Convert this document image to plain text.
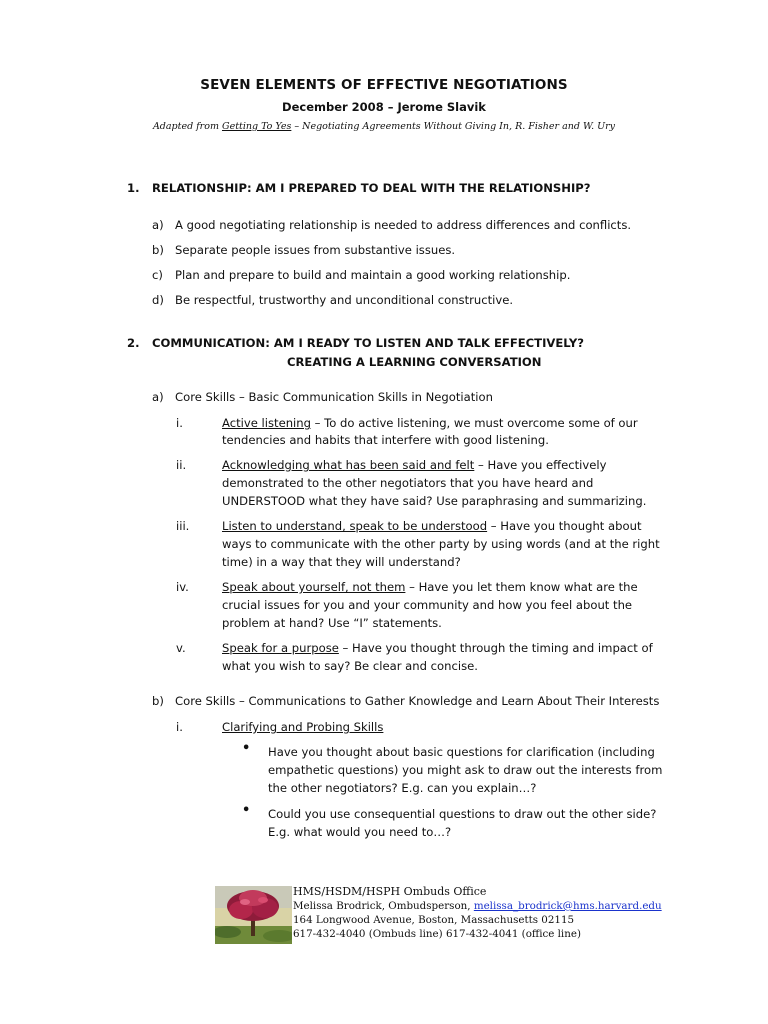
SEVEN ELEMENTS OF EFFECTIVE NEGOTIATIONS
December 2008 – Jerome Slavik
Adapted from Getting To Yes – Negotiating Agreements Without Giving In, R. Fisher and W. Ury
1. RELATIONSHIP: AM I PREPARED TO DEAL WITH THE RELATIONSHIP?
a) A good negotiating relationship is needed to address differences and conflicts.
b) Separate people issues from substantive issues.
c) Plan and prepare to build and maintain a good working relationship.
d) Be respectful, trustworthy and unconditional constructive.
2. COMMUNICATION: AM I READY TO LISTEN AND TALK EFFECTIVELY?
CREATING A LEARNING CONVERSATION
a) Core Skills – Basic Communication Skills in Negotiation
i.	Active listening – To do active listening, we must overcome some of our
tendencies and habits that interfere with good listening.
ii.	Acknowledging what has been said and felt – Have you effectively
demonstrated to the other negotiators that you have heard and
UNDERSTOOD what they have said? Use paraphrasing and summarizing.
iii.	Listen to understand, speak to be understood – Have you thought about
ways to communicate with the other party by using words (and at the right
time) in a way that they will understand?
iv.	Speak about yourself, not them – Have you let them know what are the
crucial issues for you and your community and how you feel about the
problem at hand? Use “I” statements.
v.	Speak for a purpose – Have you thought through the timing and impact of
what you wish to say? Be clear and concise.
b) Core Skills – Communications to Gather Knowledge and Learn About Their Interests
i.	Clarifying and Probing Skills
• Have you thought about basic questions for clarification (including
empathetic questions) you might ask to draw out the interests from
the other negotiators? E.g. can you explain…?
• Could you use consequential questions to draw out the other side?
E.g. what would you need to…?
HMS/HSDM/HSPH Ombuds Office
Melissa Brodrick, Ombudsperson, melissa_brodrick@hms.harvard.edu
164 Longwood Avenue, Boston, Massachusetts 02115
617-432-4040 (Ombuds line) 617-432-4041 (office line)
